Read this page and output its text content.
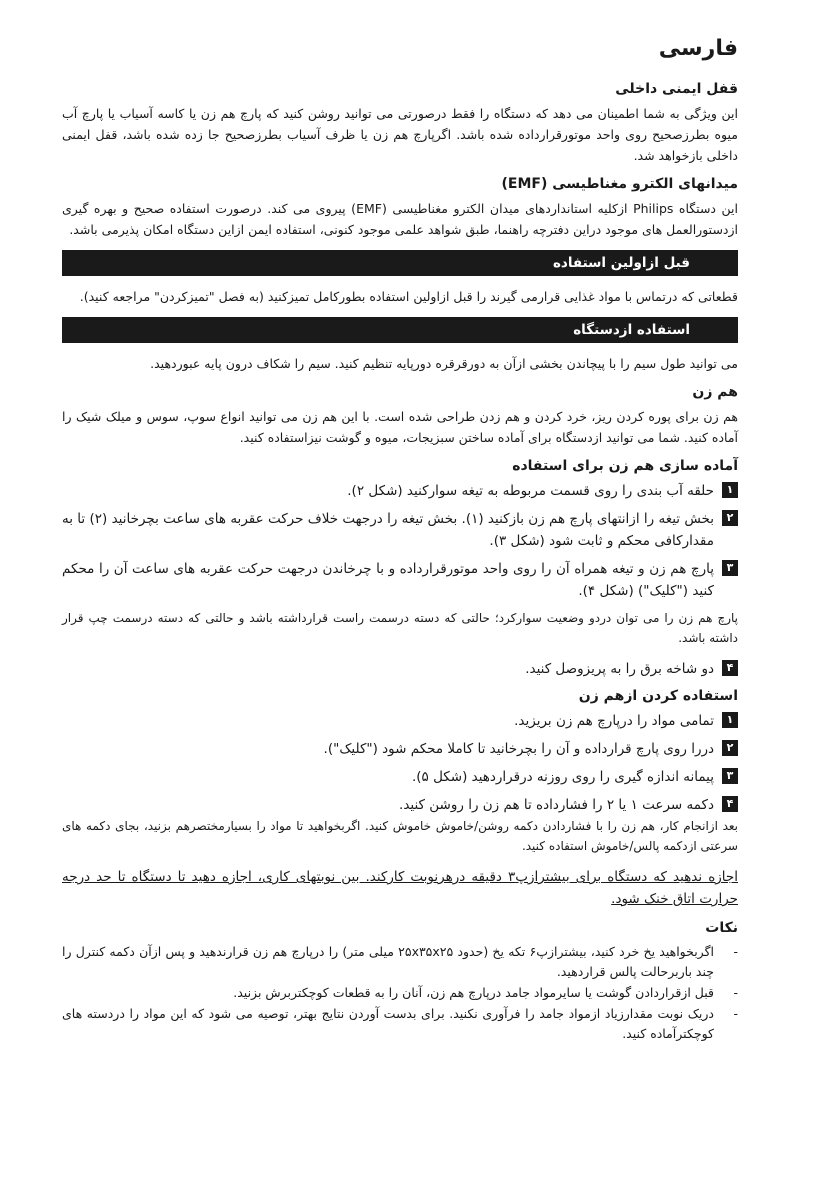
فارسی
قفل ایمنی داخلی

این ویژگی به شما اطمینان می دهد که دستگاه را فقط درصورتی می توانید روشن کنید که پارچ هم زن یا کاسه آسیاب یا پارچ آب میوه بطرزصحیح روی واحد موتورقرارداده شده باشد. اگرپارچ هم زن یا ظرف آسیاب بطرزصحیح جا زده شده باشد، قفل ایمنی داخلی بازخواهد شد.

میدانهای الکترو مغناطیسی (EMF)

این دستگاه Philips ازکلیه استانداردهای میدان الکترو مغناطیسی (EMF) پیروی می کند. درصورت استفاده صحیح و بهره گیری ازدستورالعمل های موجود دراین دفترچه راهنما، طبق شواهد علمی موجود کنونی، استفاده ایمن ازاین دستگاه امکان پذیرمی باشد.

قبل ازاولین استفاده

قطعاتی که درتماس با مواد غذایی قرارمی گیرند را قبل ازاولین استفاده بطورکامل تمیزکنید (به فصل "تمیزکردن" مراجعه کنید).

استفاده ازدستگاه

می توانید طول سیم را با پیچاندن بخشی ازآن به دورقرقره دورپایه تنظیم کنید. سیم را شکاف درون پایه عبوردهید.

هم زن

هم زن برای پوره کردن ریز، خرد کردن و هم زدن طراحی شده است. با این هم زن می توانید انواع سوپ، سوس و میلک شیک را آماده کنید. شما می توانید ازدستگاه برای آماده ساختن سبزیجات، میوه و گوشت نیزاستفاده کنید.

آماده سازی هم زن برای استفاده
۱
حلقه آب بندی را روی قسمت مربوطه به تیغه سوارکنید (شکل ۲).
۲
بخش تیغه را ازانتهای پارچ هم زن بازکنید (۱). بخش تیغه را درجهت خلاف حرکت عقربه های ساعت بچرخانید (۲) تا به مقدارکافی محکم و ثابت شود (شکل ۳).
۳
پارچ هم زن و تیغه همراه آن را روی واحد موتورقرارداده و با چرخاندن درجهت حرکت عقربه های ساعت آن را محکم کنید ("کلیک") (شکل ۴).
پارچ هم زن را می توان دردو وضعیت سوارکرد؛ حالتی که دسته درسمت راست قرارداشته باشد و حالتی که دسته درسمت چپ قرار داشته باشد.
۴
دو شاخه برق را به پریزوصل کنید.
استفاده کردن ازهم زن
۱
تمامی مواد را درپارچ هم زن بریزید.
۲
دررا روی پارچ قرارداده و آن را بچرخانید تا کاملا محکم شود ("کلیک").
۳
پیمانه اندازه گیری را روی روزنه درقراردهید (شکل ۵).
۴
دکمه سرعت ۱ یا ۲ را فشارداده تا هم زن را روشن کنید.
بعد ازانجام کار، هم زن را با فشاردادن دکمه روشن/خاموش خاموش کنید. اگربخواهید تا مواد را بسیارمختصرهم بزنید، بجای دکمه های سرعتی ازدکمه پالس/خاموش استفاده کنید.
اجازه ندهید که دستگاه برای بیشترازپ۳ دقیقه درهرنوبت کارکند. بین نوبتهای کاری، اجازه دهید تا دستگاه تا حد درجه حرارت اتاق خنک شود.
نکات
-
اگربخواهید یخ خرد کنید، بیشترازپ۶ تکه یخ (حدود ۲۵x۳۵x۲۵ میلی متر) را درپارچ هم زن قرارندهید و پس ازآن دکمه کنترل را چند باربرحالت پالس قراردهید.
-
قبل ازقراردادن گوشت یا سایرمواد جامد درپارچ هم زن، آنان را به قطعات کوچکتربرش بزنید.
-
دریک نوبت مقدارزیاد ازمواد جامد را فرآوری نکنید. برای بدست آوردن نتایج بهتر، توصیه می شود که این مواد را دردسته های کوچکترآماده کنید.
